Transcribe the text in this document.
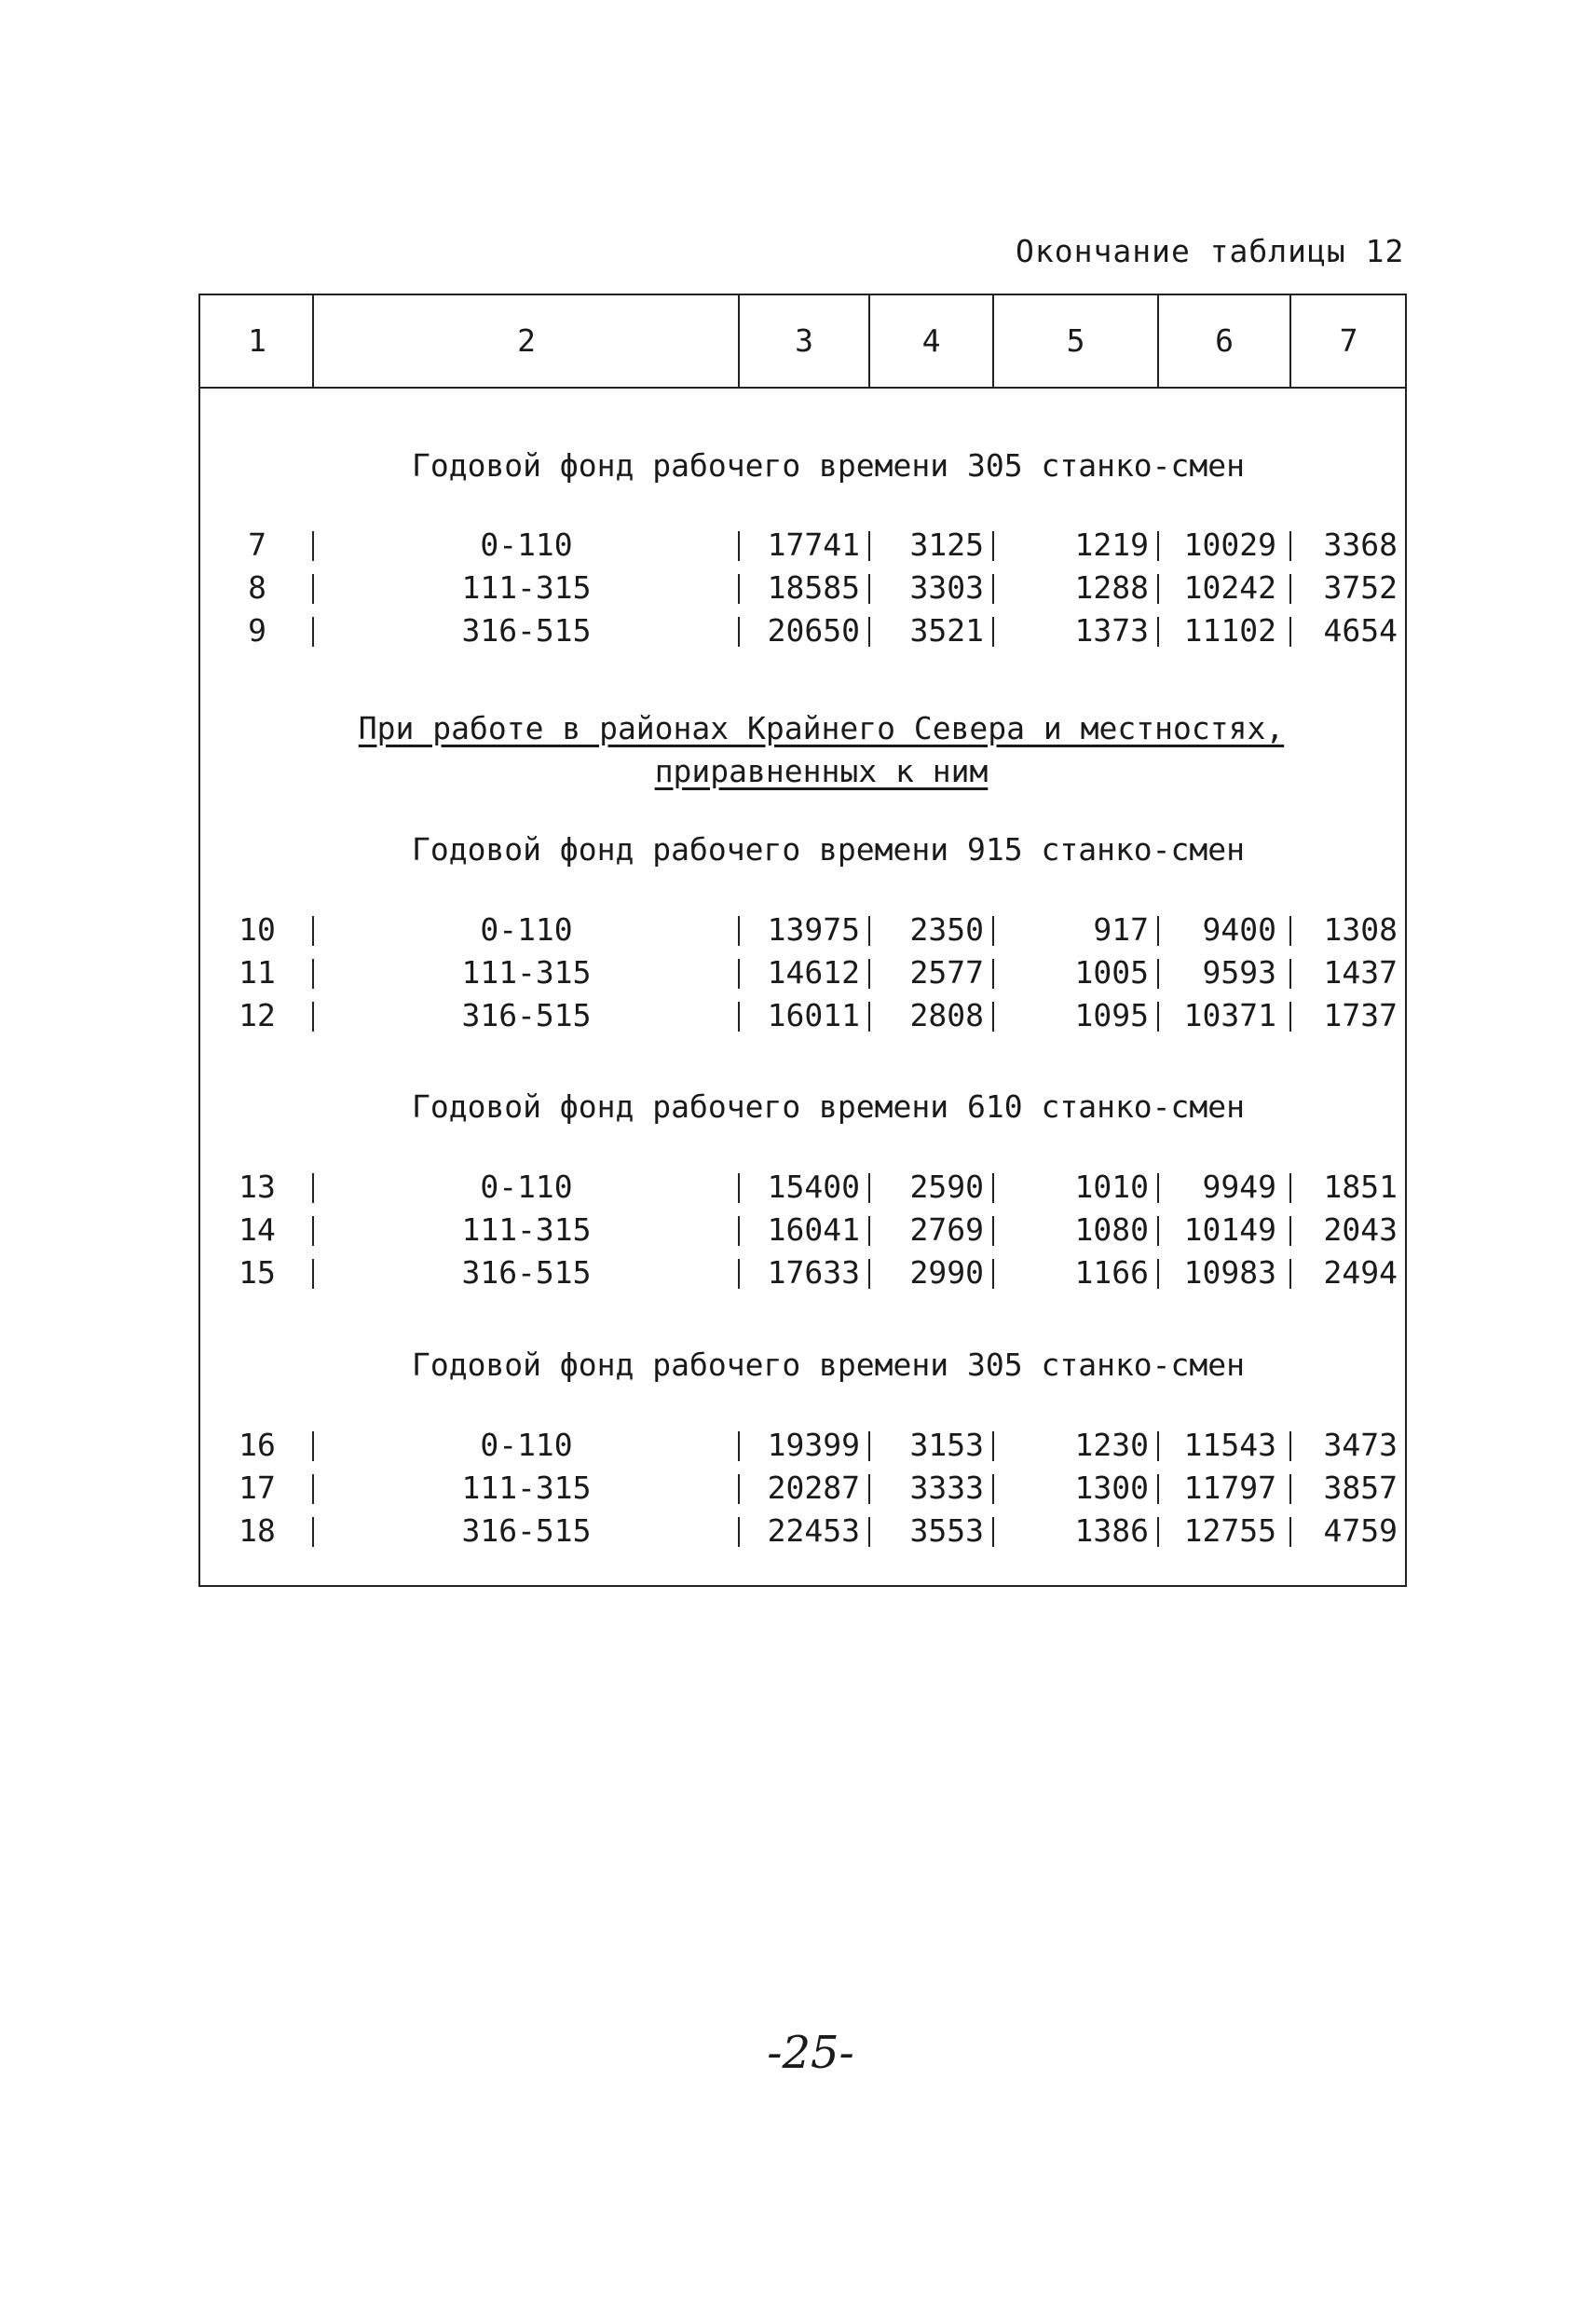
Окончание таблицы 12
1	2	3	4	5	6	7
Годовой фонд рабочего времени 305 станко-смен
7	0-110	17741	3125	1219	10029	3368
8	111-315	18585	3303	1288	10242	3752
9	316-515	20650	3521	1373	11102	4654
При работе в районах Крайнего Севера и местностях,
приравненных к ним
Годовой фонд рабочего времени 915 станко-смен
10	0-110	13975	2350	917	9400	1308
11	111-315	14612	2577	1005	9593	1437
12	316-515	16011	2808	1095	10371	1737
Годовой фонд рабочего времени 610 станко-смен
13	0-110	15400	2590	1010	9949	1851
14	111-315	16041	2769	1080	10149	2043
15	316-515	17633	2990	1166	10983	2494
Годовой фонд рабочего времени 305 станко-смен
16	0-110	19399	3153	1230	11543	3473
17	111-315	20287	3333	1300	11797	3857
18	316-515	22453	3553	1386	12755	4759
-25-
